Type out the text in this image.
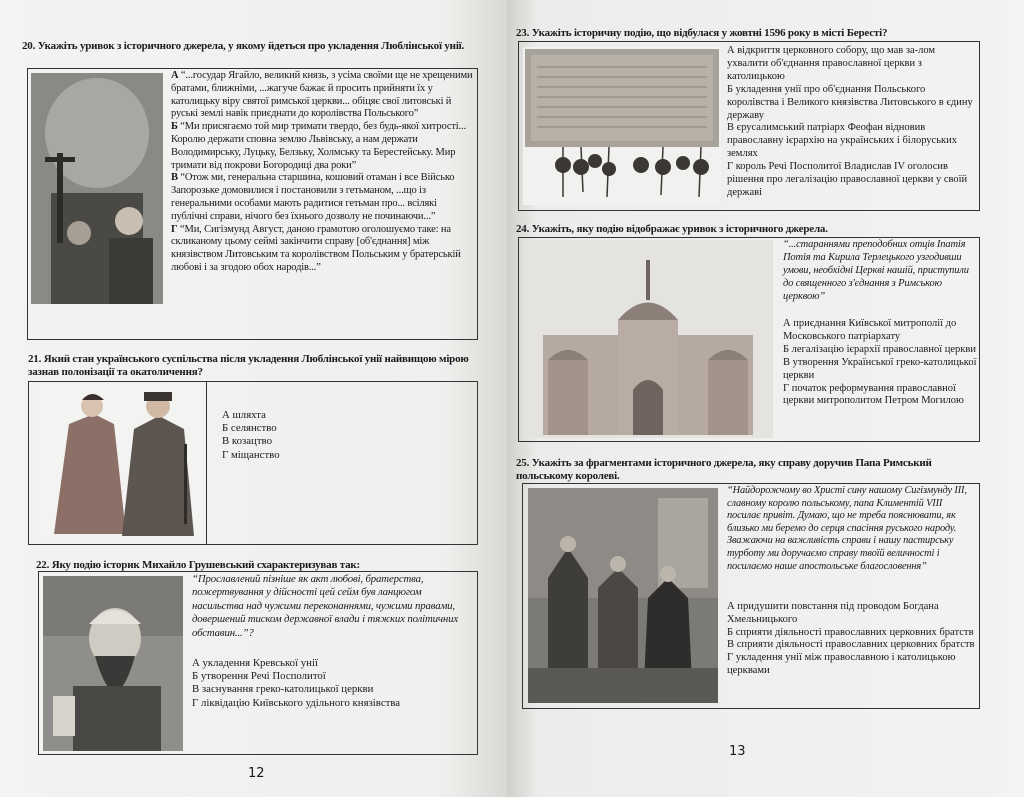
20. Укажіть уривок з історичного джерела, у якому йдеться про укладення Люблінської унії.

А “...государ Ягайло, великий князь, з усіма своїми ще не хрещеними братами, ближніми, ...жагуче бажає й просить прийняти їх у католицьку віру святої римської церкви... обіцяє свої литовські й руські землі навік приєднати до королівства Польського”

Б “Ми присягаємо той мир тримати твердо, без будь-якої хитрості... Королю держати сповна землю Львівську, а нам держати Володимирську, Луцьку, Белзьку, Холмську та Берестейську. Мир тримати від покрови Богородиці два роки”

В “Отож ми, генеральна старшина, кошовий отаман і все Військо Запорозьке домовилися і постановили з гетьманом, ...що із генеральними особами мають радитися гетьман про... всілякі публічні справи, нічого без їхнього дозволу не починаючи...”

Г “Ми, Сигізмунд Август, даною грамотою оголошуємо таке: на скликаному цьому сеймі закінчити справу [об'єднання] між князівством Литовським та королівством Польським у братерській любові і за згодою обох народів...”

21. Який стан українського суспільства після укладення Люблінської унії найвищою мірою зазнав полонізації та окатоличення?
А шляхта
Б селянство
В козацтво
Г міщанство
22. Яку подію історик Михайло Грушевський схарактеризував так:

“Прославлений пізніше як акт любові, братерства, пожертвування у дійсності цей сейм був ланцюгом насильства над чужими переконаннями, чужими правами, довершений тиском державної влади і тяжких політичних обставин...”?

А укладення Кревської унії
Б утворення Речі Посполитої
В заснування греко-католицької церкви
Г ліквідацію Київського удільного князівства
12
23. Укажіть історичну подію, що відбулася у жовтні 1596 року в місті Бересті?
А відкриття церковного собору, що мав за-лом ухвалити об'єднання православної церкви з католицькою
Б укладення унії про об'єднання Польського королівства і Великого князівства Литовського в єдину державу
В єрусалимський патріарх Феофан відновив православну ієрархію на українських і білоруських землях
Г король Речі Посполитої Владислав IV оголосив рішення про легалізацію православної церкви у своїй державі
24. Укажіть, яку подію відображає уривок з історичного джерела.

“...стараннями преподобних отців Іпатія Потія та Кирила Терлецького узгодивши умови, необхідні Церкві нашій, приступили до священного з'єднання з Римською церквою”

А приєднання Київської митрополії до Московського патріархату
Б легалізацію ієрархії православної церкви
В утворення Української греко-католицької церкви
Г початок реформування православної церкви митрополитом Петром Могилою
25. Укажіть за фрагментами історичного джерела, яку справу доручив Папа Римський польському королеві.

“Найдорожчому во Христі сину нашому Сигізмунду III, славному королю польському, папа Климентій VIII посилає привіт. Думаю, що не треба пояснювати, як близько ми беремо до серця спасіння руського народу. Зважаючи на важливість справи і нашу пастирську турботу ми доручаємо справу твоїй величності і посилаємо наше апостольське благословення”

А придушити повстання під проводом Богдана Хмельницького
Б сприяти діяльності православних церковних братств
В сприяти діяльності православних церковних братств
Г укладення унії між православною і католицькою церквами
13
